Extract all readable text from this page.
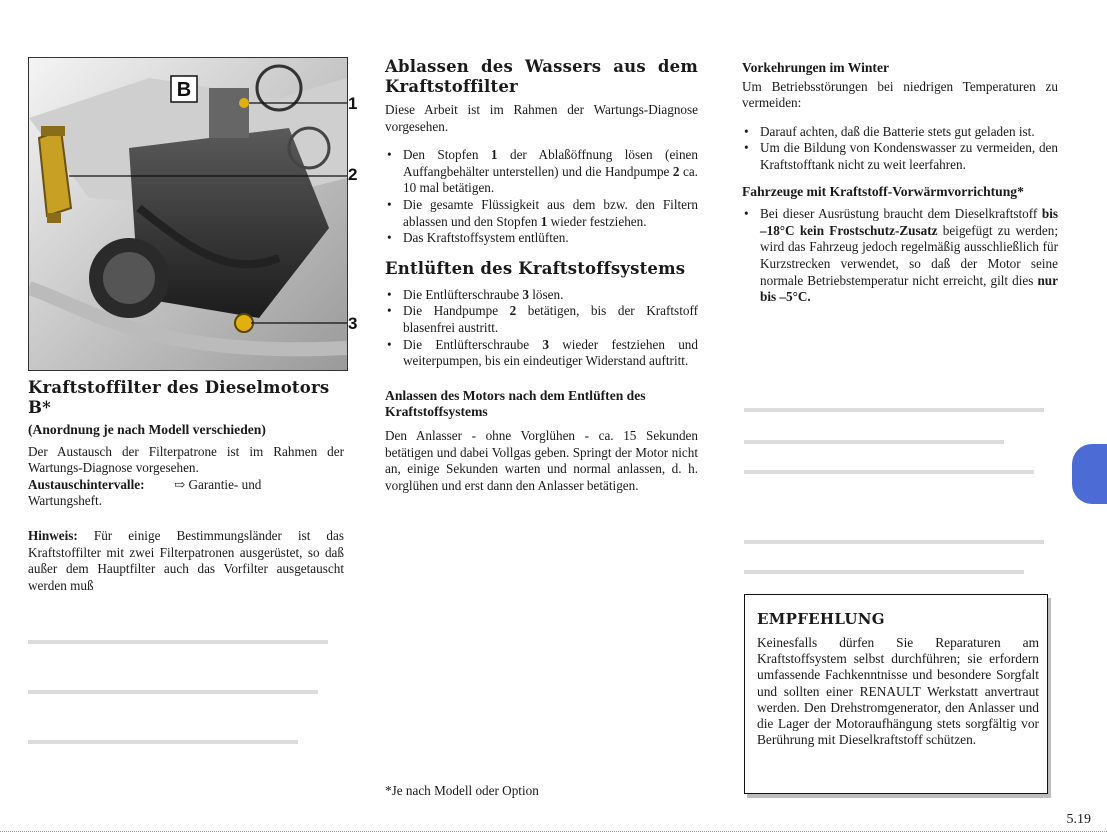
B
1
2
3
Kraftstoffilter des Dieselmotors B*
(Anordnung je nach Modell verschieden)

Der Austausch der Filterpatrone ist im Rahmen der Wartungs-Diagnose vorgesehen.

Austauschintervalle: ⇨ Garantie- und

Wartungsheft.

Hinweis: Für einige Bestimmungsländer ist das Kraftstoffilter mit zwei Filterpatronen ausgerüstet, so daß außer dem Hauptfilter auch das Vorfilter ausgetauscht werden muß

Ablassen des Wassers aus dem Kraftstoffilter

Diese Arbeit ist im Rahmen der Wartungs-Diagnose vorgesehen.

• Den Stopfen 1 der Ablaßöffnung lösen (einen Auffangbehälter unterstellen) und die Handpumpe 2 ca. 10 mal betätigen.
• Die gesamte Flüssigkeit aus dem bzw. den Filtern ablassen und den Stopfen 1 wieder festziehen.
• Das Kraftstoffsystem entlüften.
Entlüften des Kraftstoffsystems
• Die Entlüfterschraube 3 lösen.
• Die Handpumpe 2 betätigen, bis der Kraftstoff blasenfrei austritt.
• Die Entlüfterschraube 3 wieder festziehen und weiterpumpen, bis ein eindeutiger Widerstand auftritt.
Anlassen des Motors nach dem Entlüften des Kraftstoffsystems

Den Anlasser - ohne Vorglühen - ca. 15 Sekunden betätigen und dabei Vollgas geben. Springt der Motor nicht an, einige Sekunden warten und normal anlassen, d. h. vorglühen und erst dann den Anlasser betätigen.

Vorkehrungen im Winter

Um Betriebsstörungen bei niedrigen Temperaturen zu vermeiden:

• Darauf achten, daß die Batterie stets gut geladen ist.
• Um die Bildung von Kondenswasser zu vermeiden, den Kraftstofftank nicht zu weit leerfahren.
Fahrzeuge mit Kraftstoff-Vorwärmvorrichtung*
• Bei dieser Ausrüstung braucht dem Dieselkraftstoff bis –18°C kein Frostschutz-Zusatz beigefügt zu werden; wird das Fahrzeug jedoch regelmäßig ausschließlich für Kurzstrecken verwendet, so daß der Motor seine normale Betriebstemperatur nicht erreicht, gilt dies nur bis –5°C.
EMPFEHLUNG

Keinesfalls dürfen Sie Reparaturen am Kraftstoffsystem selbst durchführen; sie erfordern umfassende Fachkenntnisse und besondere Sorgfalt und sollten einer RENAULT Werkstatt anvertraut werden. Den Drehstromgenerator, den Anlasser und die Lager der Motoraufhängung stets sorgfältig vor Berührung mit Dieselkraftstoff schützen.

*Je nach Modell oder Option
5.19
